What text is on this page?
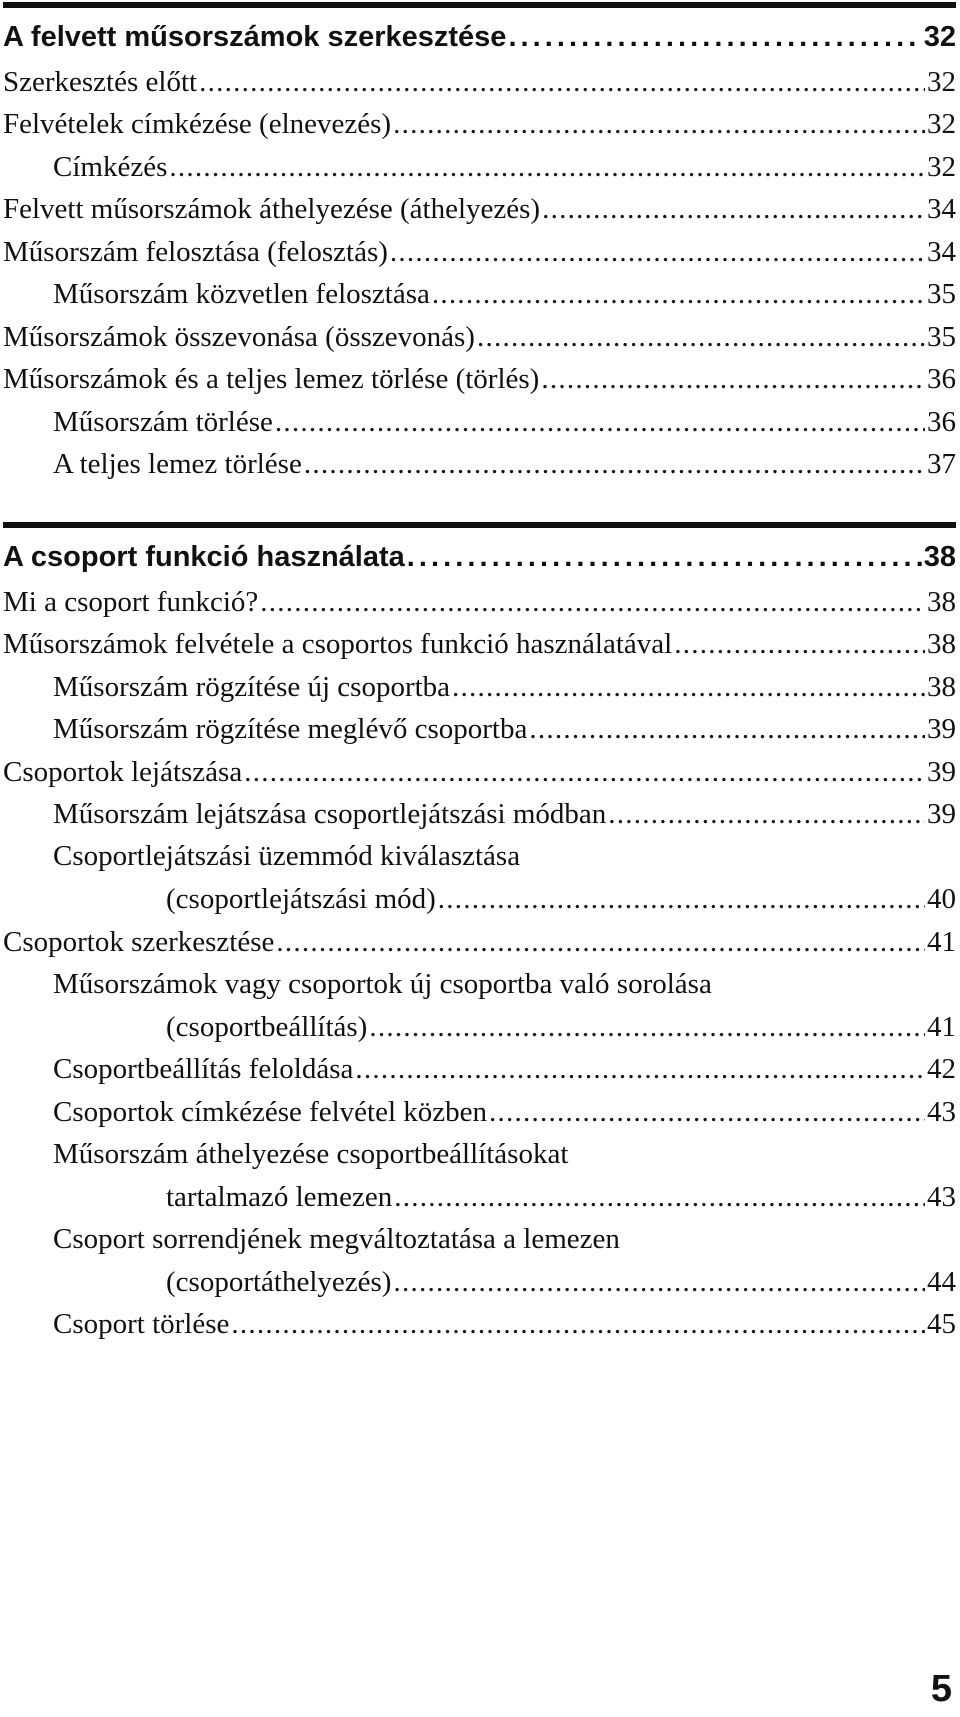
A felvett műsorszámok szerkesztése . . .	32
Szerkesztés előtt . . .	32
Felvételek címkézése (elnevezés) . . .	32
Címkézés . . .	32
Felvett műsorszámok áthelyezése (áthelyezés) . . .	34
Műsorszám felosztása (felosztás) . . .	34
Műsorszám közvetlen felosztása . . .	35
Műsorszámok összevonása (összevonás) . . .	35
Műsorszámok és a teljes lemez törlése (törlés) . . .	36
Műsorszám törlése . . .	36
A teljes lemez törlése . . .	37
A csoport funkció használata . . .	38
Mi a csoport funkció? . . .	38
Műsorszámok felvétele a csoportos funkció használatával . . .	38
Műsorszám rögzítése új csoportba . . .	38
Műsorszám rögzítése meglévő csoportba . . .	39
Csoportok lejátszása . . .	39
Műsorszám lejátszása csoportlejátszási módban . . .	39
Csoportlejátszási üzemmód kiválasztása
(csoportlejátszási mód) . . .	40
Csoportok szerkesztése . . .	41
Műsorszámok vagy csoportok új csoportba való sorolása
(csoportbeállítás) . . .	41
Csoportbeállítás feloldása . . .	42
Csoportok címkézése felvétel közben . . .	43
Műsorszám áthelyezése csoportbeállításokat
tartalmazó lemezen . . .	43
Csoport sorrendjének megváltoztatása a lemezen
(csoportáthelyezés) . . .	44
Csoport törlése . . .	45
5
